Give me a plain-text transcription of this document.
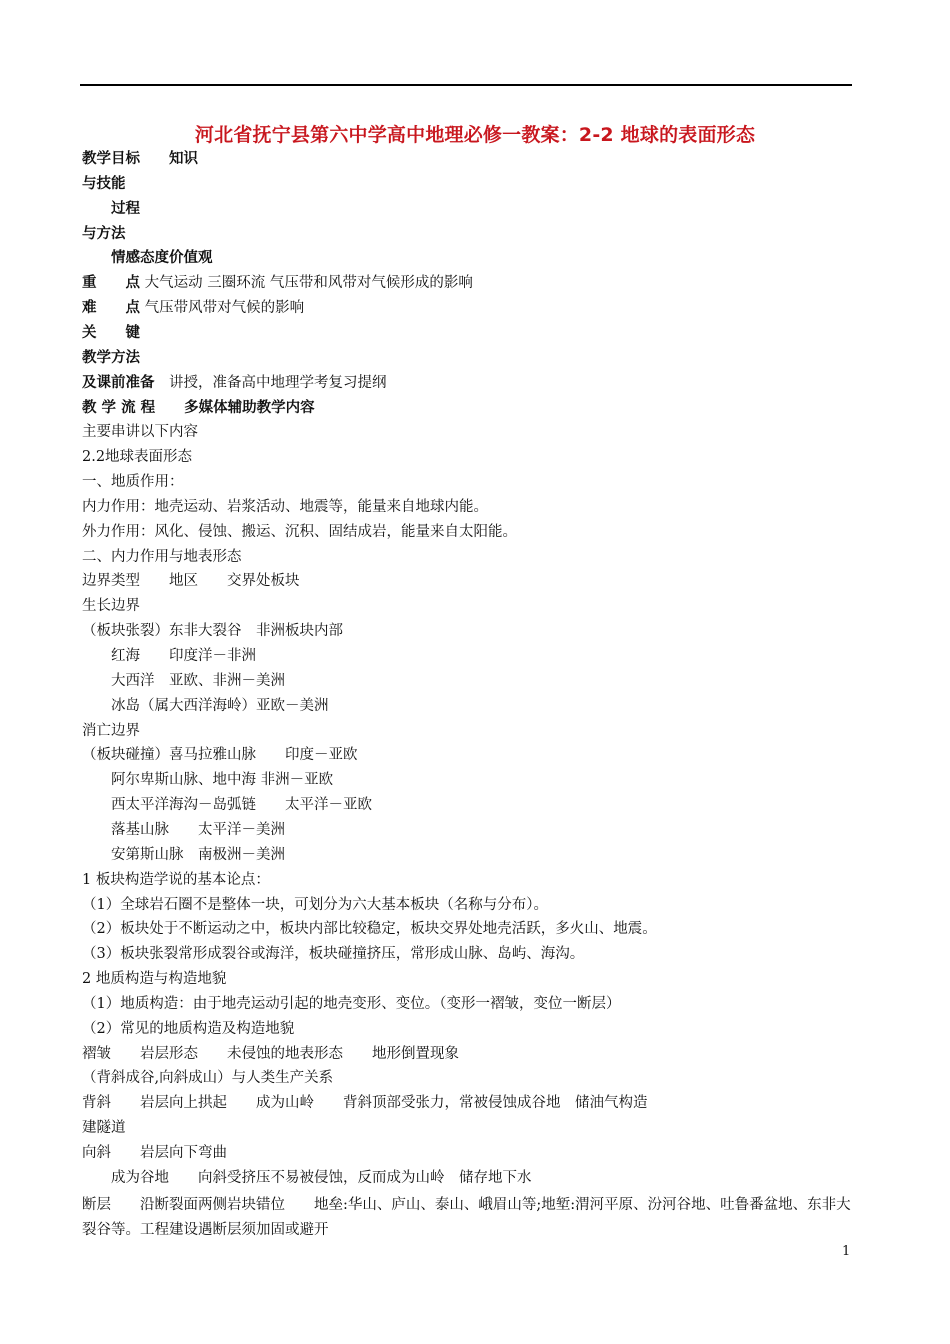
河北省抚宁县第六中学高中地理必修一教案：2-2 地球的表面形态
教学目标　　知识
与技能
　　过程
与方法
　　情感态度价值观
重　　点 大气运动 三圈环流 气压带和风带对气候形成的影响
难　　点 气压带风带对气候的影响
关　　键
教学方法
及课前准备　讲授，准备高中地理学考复习提纲
教 学 流 程　　多媒体辅助教学内容
主要串讲以下内容
2.2地球表面形态
一、地质作用：
内力作用：地壳运动、岩浆活动、地震等，能量来自地球内能。
外力作用：风化、侵蚀、搬运、沉积、固结成岩，能量来自太阳能。
二、内力作用与地表形态
边界类型　　地区　　交界处板块
生长边界
（板块张裂）东非大裂谷　非洲板块内部
　　红海　　印度洋－非洲
　　大西洋　亚欧、非洲－美洲
　　冰岛（属大西洋海岭）亚欧－美洲
消亡边界
（板块碰撞）喜马拉雅山脉　　印度－亚欧
　　阿尔卑斯山脉、地中海 非洲－亚欧
　　西太平洋海沟－岛弧链　　太平洋－亚欧
　　落基山脉　　太平洋－美洲
　　安第斯山脉　南极洲－美洲
1 板块构造学说的基本论点：
（1）全球岩石圈不是整体一块，可划分为六大基本板块（名称与分布）。
（2）板块处于不断运动之中，板块内部比较稳定，板块交界处地壳活跃，多火山、地震。
（3）板块张裂常形成裂谷或海洋，板块碰撞挤压，常形成山脉、岛屿、海沟。
2 地质构造与构造地貌
（1）地质构造：由于地壳运动引起的地壳变形、变位。（变形一褶皱，变位一断层）
（2）常见的地质构造及构造地貌
褶皱　　岩层形态　　未侵蚀的地表形态　　地形倒置现象
（背斜成谷,向斜成山）与人类生产关系
背斜　　岩层向上拱起　　成为山岭　　背斜顶部受张力，常被侵蚀成谷地　储油气构造
建隧道
向斜　　岩层向下弯曲
　　成为谷地　　向斜受挤压不易被侵蚀，反而成为山岭　储存地下水
断层　　沿断裂面两侧岩块错位　　地垒:华山、庐山、泰山、峨眉山等;地堑:渭河平原、汾河谷地、吐鲁番盆地、东非大裂谷等。工程建设遇断层须加固或避开
1
